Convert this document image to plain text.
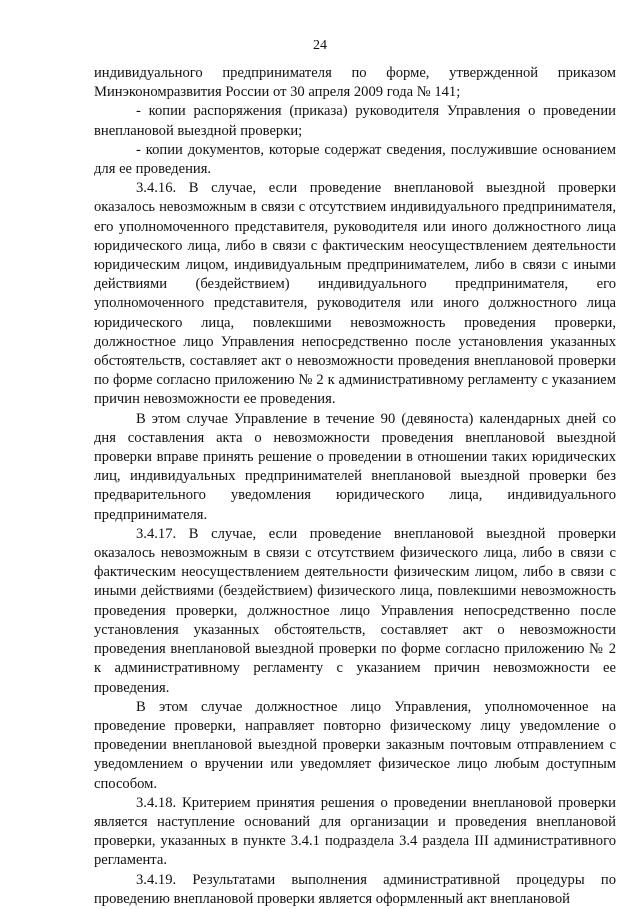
24

индивидуального предпринимателя по форме, утвержденной приказом Минэкономразвития России от 30 апреля 2009 года № 141;

- копии распоряжения (приказа) руководителя Управления о проведении внеплановой выездной проверки;

- копии документов, которые содержат сведения, послужившие основанием для ее проведения.

3.4.16. В случае, если проведение внеплановой выездной проверки оказалось невозможным в связи с отсутствием индивидуального предпринимателя, его уполномоченного представителя, руководителя или иного должностного лица юридического лица, либо в связи с фактическим неосуществлением деятельности юридическим лицом, индивидуальным предпринимателем, либо в связи с иными действиями (бездействием) индивидуального предпринимателя, его уполномоченного представителя, руководителя или иного должностного лица юридического лица, повлекшими невозможность проведения проверки, должностное лицо Управления непосредственно после установления указанных обстоятельств, составляет акт о невозможности проведения внеплановой проверки по форме согласно приложению № 2 к административному регламенту с указанием причин невозможности ее проведения.

В этом случае Управление в течение 90 (девяноста) календарных дней со дня составления акта о невозможности проведения внеплановой выездной проверки вправе принять решение о проведении в отношении таких юридических лиц, индивидуальных предпринимателей внеплановой выездной проверки без предварительного уведомления юридического лица, индивидуального предпринимателя.

3.4.17. В случае, если проведение внеплановой выездной проверки оказалось невозможным в связи с отсутствием физического лица, либо в связи с фактическим неосуществлением деятельности физическим лицом, либо в связи с иными действиями (бездействием) физического лица, повлекшими невозможность проведения проверки, должностное лицо Управления непосредственно после установления указанных обстоятельств, составляет акт о невозможности проведения внеплановой выездной проверки по форме согласно приложению № 2 к административному регламенту с указанием причин невозможности ее проведения.

В этом случае должностное лицо Управления, уполномоченное на проведение проверки, направляет повторно физическому лицу уведомление о проведении внеплановой выездной проверки заказным почтовым отправлением с уведомлением о вручении или уведомляет физическое лицо любым доступным способом.

3.4.18. Критерием принятия решения о проведении внеплановой проверки является наступление оснований для организации и проведения внеплановой проверки, указанных в пункте 3.4.1 подраздела 3.4 раздела III административного регламента.

3.4.19. Результатами выполнения административной процедуры по проведению внеплановой проверки является оформленный акт внеплановой
